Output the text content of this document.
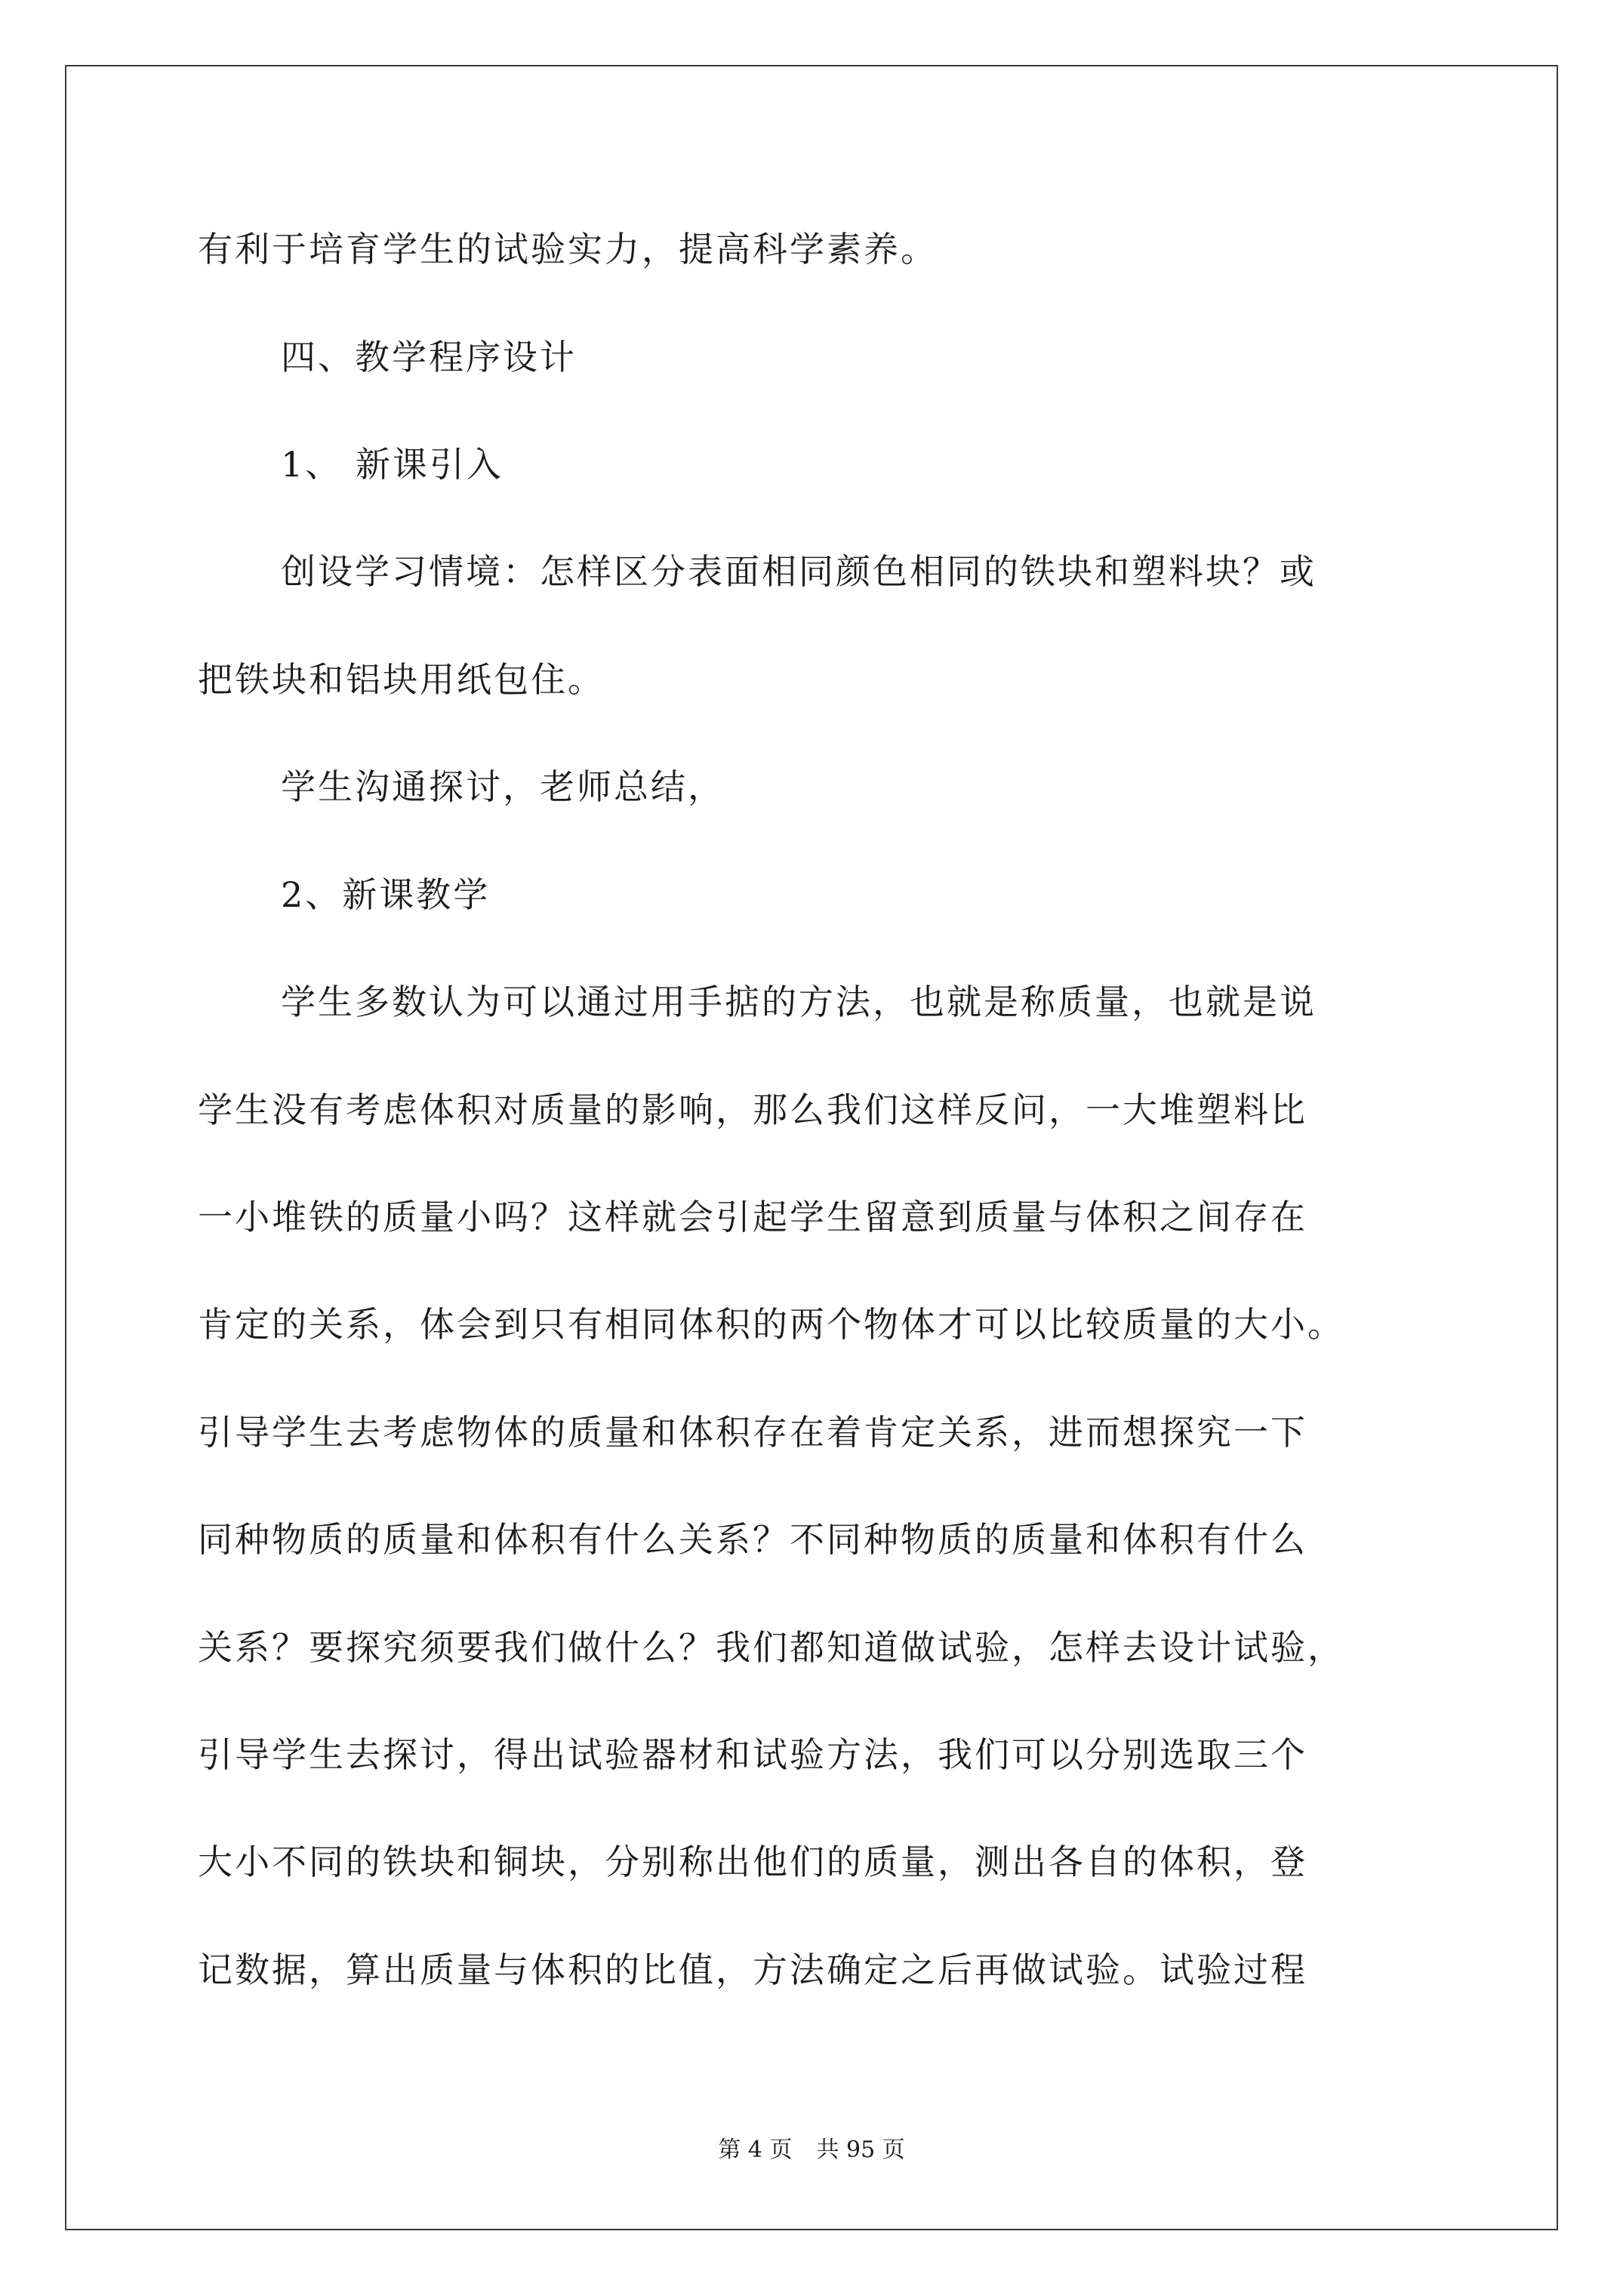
有利于培育学生的试验实力，提高科学素养。
四、教学程序设计
1、 新课引入
创设学习情境：怎样区分表面相同颜色相同的铁块和塑料块？或
把铁块和铝块用纸包住。
学生沟通探讨，老师总结，
2、新课教学
学生多数认为可以通过用手掂的方法，也就是称质量，也就是说
学生没有考虑体积对质量的影响，那么我们这样反问，一大堆塑料比
一小堆铁的质量小吗？这样就会引起学生留意到质量与体积之间存在
肯定的关系，体会到只有相同体积的两个物体才可以比较质量的大小。
引导学生去考虑物体的质量和体积存在着肯定关系，进而想探究一下
同种物质的质量和体积有什么关系？不同种物质的质量和体积有什么
关系？要探究须要我们做什么？我们都知道做试验，怎样去设计试验，
引导学生去探讨，得出试验器材和试验方法，我们可以分别选取三个
大小不同的铁块和铜块，分别称出他们的质量，测出各自的体积，登
记数据，算出质量与体积的比值，方法确定之后再做试验。试验过程
第 4 页 共 95 页
